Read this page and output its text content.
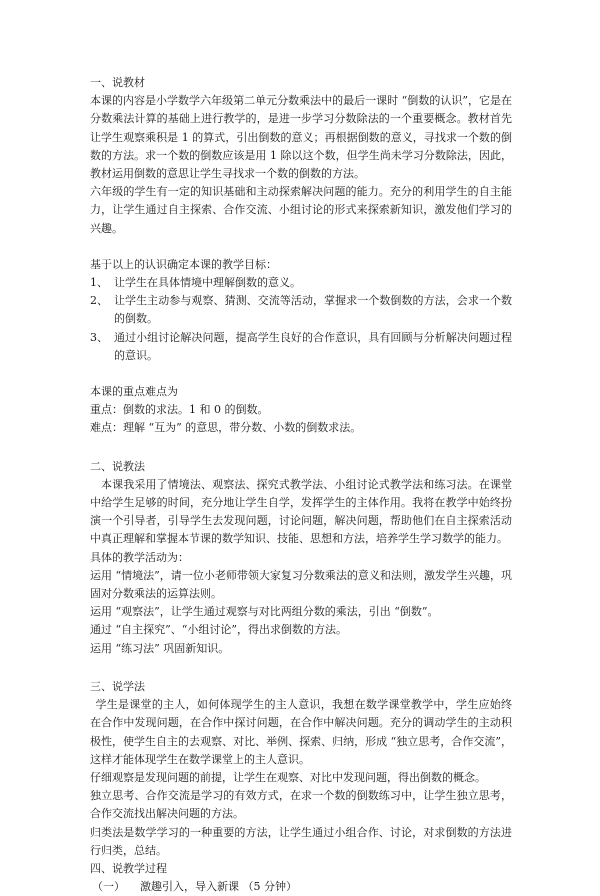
一、说教材

本课的内容是小学数学六年级第二单元分数乘法中的最后一课时 “倒数的认识”，它是在分数乘法计算的基础上进行教学的，是进一步学习分数除法的一个重要概念。教材首先让学生观察乘积是 1 的算式，引出倒数的意义；再根据倒数的意义，寻找求一个数的倒数的方法。求一个数的倒数应该是用 1 除以这个数，但学生尚未学习分数除法，因此，教材运用倒数的意思让学生寻找求一个数的倒数的方法。

六年级的学生有一定的知识基础和主动探索解决问题的能力。充分的利用学生的自主能力，让学生通过自主探索、合作交流、小组讨论的形式来探索新知识，激发他们学习的兴趣。

基于以上的认识确定本课的教学目标：

1、 让学生在具体情境中理解倒数的意义。

2、 让学生主动参与观察、猜测、交流等活动，掌握求一个数倒数的方法，会求一个数的倒数。

3、 通过小组讨论解决问题，提高学生良好的合作意识，具有回顾与分析解决问题过程的意识。

本课的重点难点为

重点：倒数的求法。1 和 0 的倒数。

难点：理解 “互为” 的意思，带分数、小数的倒数求法。

二、说教法

本课我采用了情境法、观察法、探究式教学法、小组讨论式教学法和练习法。在课堂中给学生足够的时间，充分地让学生自学，发挥学生的主体作用。我将在教学中始终扮演一个引导者，引导学生去发现问题，讨论问题，解决问题，帮助他们在自主探索活动中真正理解和掌握本节课的数学知识、技能、思想和方法，培养学生学习数学的能力。

具体的教学活动为：

运用 “情境法”，请一位小老师带领大家复习分数乘法的意义和法则，激发学生兴趣，巩固对分数乘法的运算法则。

运用 “观察法”，让学生通过观察与对比两组分数的乘法，引出 “倒数”。

通过 “自主探究”、“小组讨论”，得出求倒数的方法。

运用 “练习法” 巩固新知识。

三、说学法

学生是课堂的主人，如何体现学生的主人意识，我想在数学课堂教学中，学生应始终在合作中发现问题，在合作中探讨问题，在合作中解决问题。充分的调动学生的主动积极性，使学生自主的去观察、对比、举例、探索、归纳，形成 “独立思考，合作交流”，这样才能体现学生在数学课堂上的主人意识。

仔细观察是发现问题的前提，让学生在观察、对比中发现问题，得出倒数的概念。

独立思考、合作交流是学习的有效方式，在求一个数的倒数练习中，让学生独立思考，合作交流找出解决问题的方法。

归类法是数学学习的一种重要的方法，让学生通过小组合作、讨论，对求倒数的方法进行归类，总结。

四、说教学过程

（一）	激趣引入，导入新课 （5 分钟）
